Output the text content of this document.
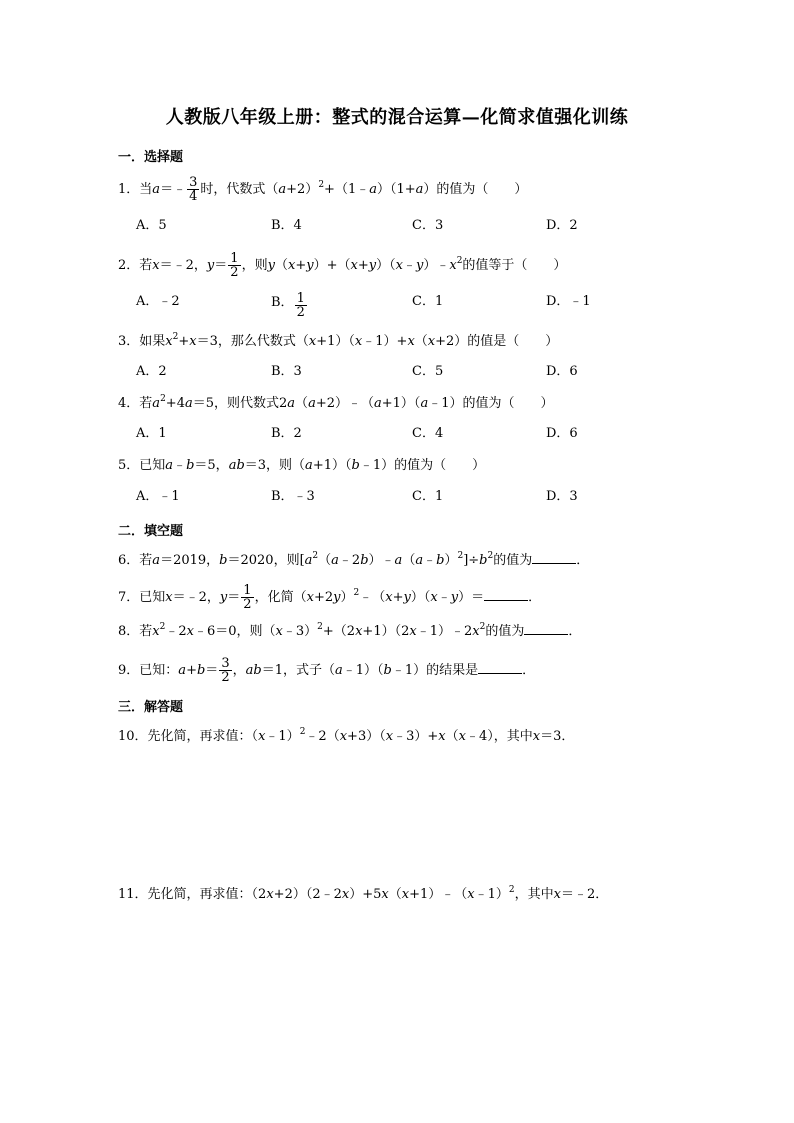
人教版八年级上册：整式的混合运算—化简求值强化训练
一．选择题
1．当a＝﹣ $\frac{3}{4}$ 时，代数式$(a+2)^2+(1﹣a)(1+a)$的值为（　　）
A．5	B．4	C．3	D．2
2．若x＝﹣2，$y= \frac{1}{2}$ ，则$y(x+y)+(x+y)(x﹣y)﹣x^2$的值等于（　　）
A．﹣2	B． $\frac{1}{2}$	C．1	D．﹣1
3．如果$x^2+x=3$，那么代数式（x+1）（x﹣1）+x（x+2）的值是（　　）
A．2	B．3	C．5	D．6
4．若$a^2+4a=5$，则代数式2a（a+2）﹣（a+1）（a﹣1）的值为（　　）
A．1	B．2	C．4	D．6
5．已知a﹣b＝5，ab＝3，则（a+1）（b﹣1）的值为（　　）
A．﹣1	B．﹣3	C．1	D．3
二．填空题
6．若a＝2019，b＝2020，则$[a^2(a﹣2b)﹣a(a﹣b)^2]\div b^2$的值为	．
7．已知x＝﹣2，$y= \frac{1}{2}$ ，化简$(x+2y)^2﹣(x+y)(x﹣y)=$	．
8．若$x^2﹣2x﹣6=0$，则$(x﹣3)^2+(2x+1)(2x﹣1)﹣2x^2$的值为	．
9．已知：$a+b= \frac{3}{2}$ ，ab＝1，式子（a﹣1）（b﹣1）的结果是	．
三．解答题
10．先化简，再求值：（x﹣1）$^2$﹣2（x+3）（x﹣3）+x（x﹣4），其中x＝3．
11．先化简，再求值：（2x+2）（2﹣2x）+5x（x+1）﹣（x﹣1）$^2$，其中x＝﹣2．
